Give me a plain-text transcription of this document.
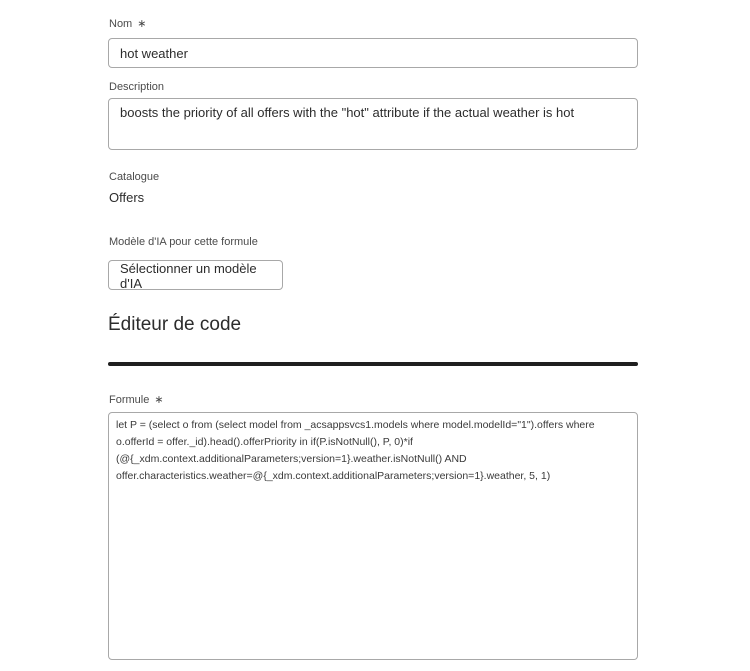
Nom ∗
hot weather
Description
boosts the priority of all offers with the "hot" attribute if the actual weather is hot
Catalogue
Offers
Modèle d'IA pour cette formule
Sélectionner un modèle d'IA
Éditeur de code
Formule ∗
let P = (select o from (select model from _acsappsvcs1.models where model.modelId="1").offers where o.offerId = offer._id).head().offerPriority in if(P.isNotNull(), P, 0)*if (@{_xdm.context.additionalParameters;version=1}.weather.isNotNull() AND offer.characteristics.weather=@{_xdm.context.additionalParameters;version=1}.weather, 5, 1)
